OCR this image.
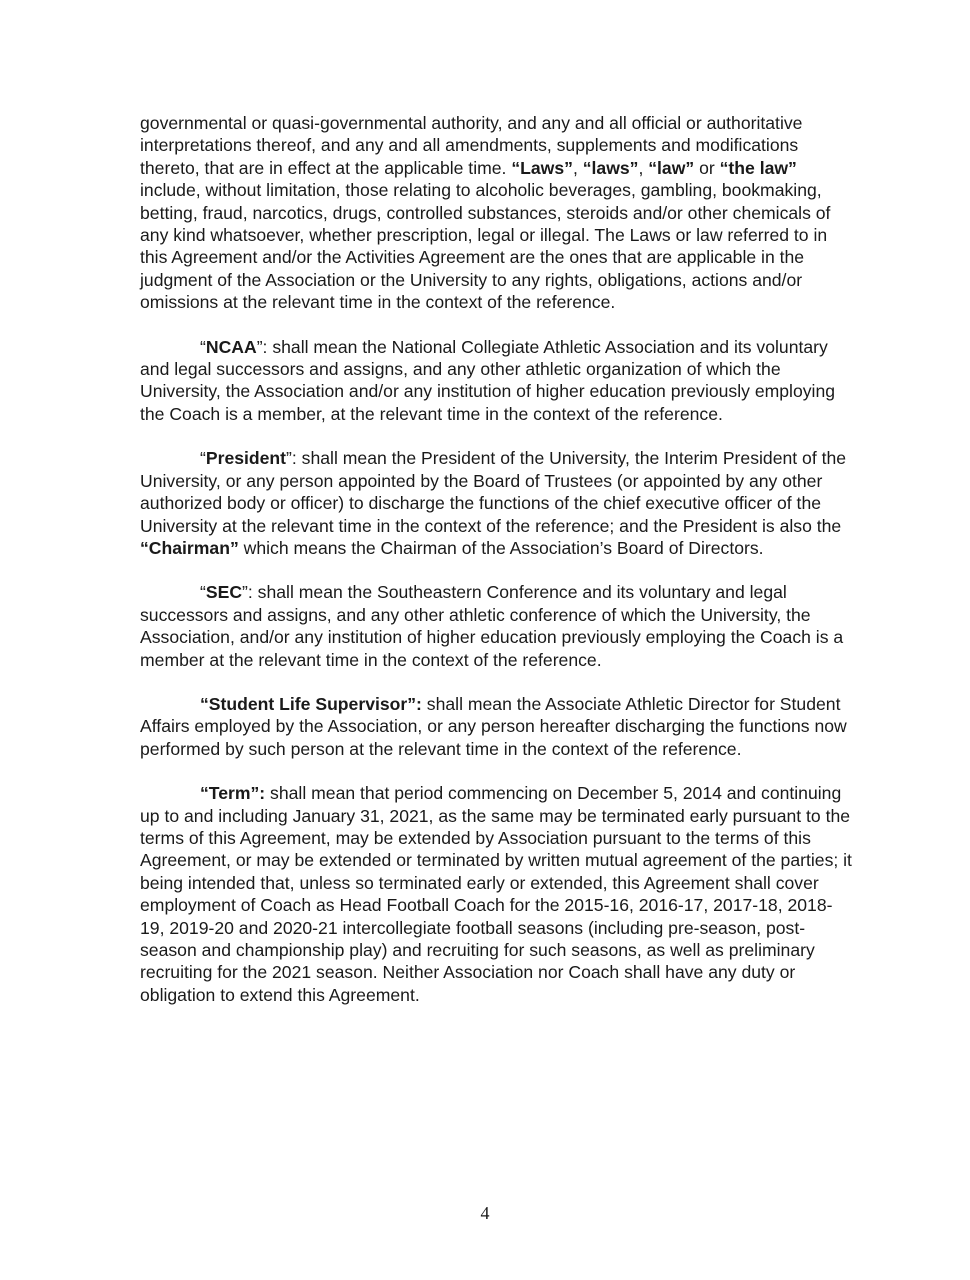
governmental or quasi-governmental authority, and any and all official or authoritative interpretations thereof, and any and all amendments, supplements and modifications thereto, that are in effect at the applicable time. “Laws”, “laws”, “law” or “the law” include, without limitation, those relating to alcoholic beverages, gambling, bookmaking, betting, fraud, narcotics, drugs, controlled substances, steroids and/or other chemicals of any kind whatsoever, whether prescription, legal or illegal. The Laws or law referred to in this Agreement and/or the Activities Agreement are the ones that are applicable in the judgment of the Association or the University to any rights, obligations, actions and/or omissions at the relevant time in the context of the reference.

“NCAA”: shall mean the National Collegiate Athletic Association and its voluntary and legal successors and assigns, and any other athletic organization of which the University, the Association and/or any institution of higher education previously employing the Coach is a member, at the relevant time in the context of the reference.

“President”: shall mean the President of the University, the Interim President of the University, or any person appointed by the Board of Trustees (or appointed by any other authorized body or officer) to discharge the functions of the chief executive officer of the University at the relevant time in the context of the reference; and the President is also the “Chairman” which means the Chairman of the Association’s Board of Directors.

“SEC”: shall mean the Southeastern Conference and its voluntary and legal successors and assigns, and any other athletic conference of which the University, the Association, and/or any institution of higher education previously employing the Coach is a member at the relevant time in the context of the reference.

“Student Life Supervisor”: shall mean the Associate Athletic Director for Student Affairs employed by the Association, or any person hereafter discharging the functions now performed by such person at the relevant time in the context of the reference.

“Term”: shall mean that period commencing on December 5, 2014 and continuing up to and including January 31, 2021, as the same may be terminated early pursuant to the terms of this Agreement, may be extended by Association pursuant to the terms of this Agreement, or may be extended or terminated by written mutual agreement of the parties; it being intended that, unless so terminated early or extended, this Agreement shall cover employment of Coach as Head Football Coach for the 2015-16, 2016-17, 2017-18, 2018-19, 2019-20 and 2020-21 intercollegiate football seasons (including pre-season, post-season and championship play) and recruiting for such seasons, as well as preliminary recruiting for the 2021 season. Neither Association nor Coach shall have any duty or obligation to extend this Agreement.

4
